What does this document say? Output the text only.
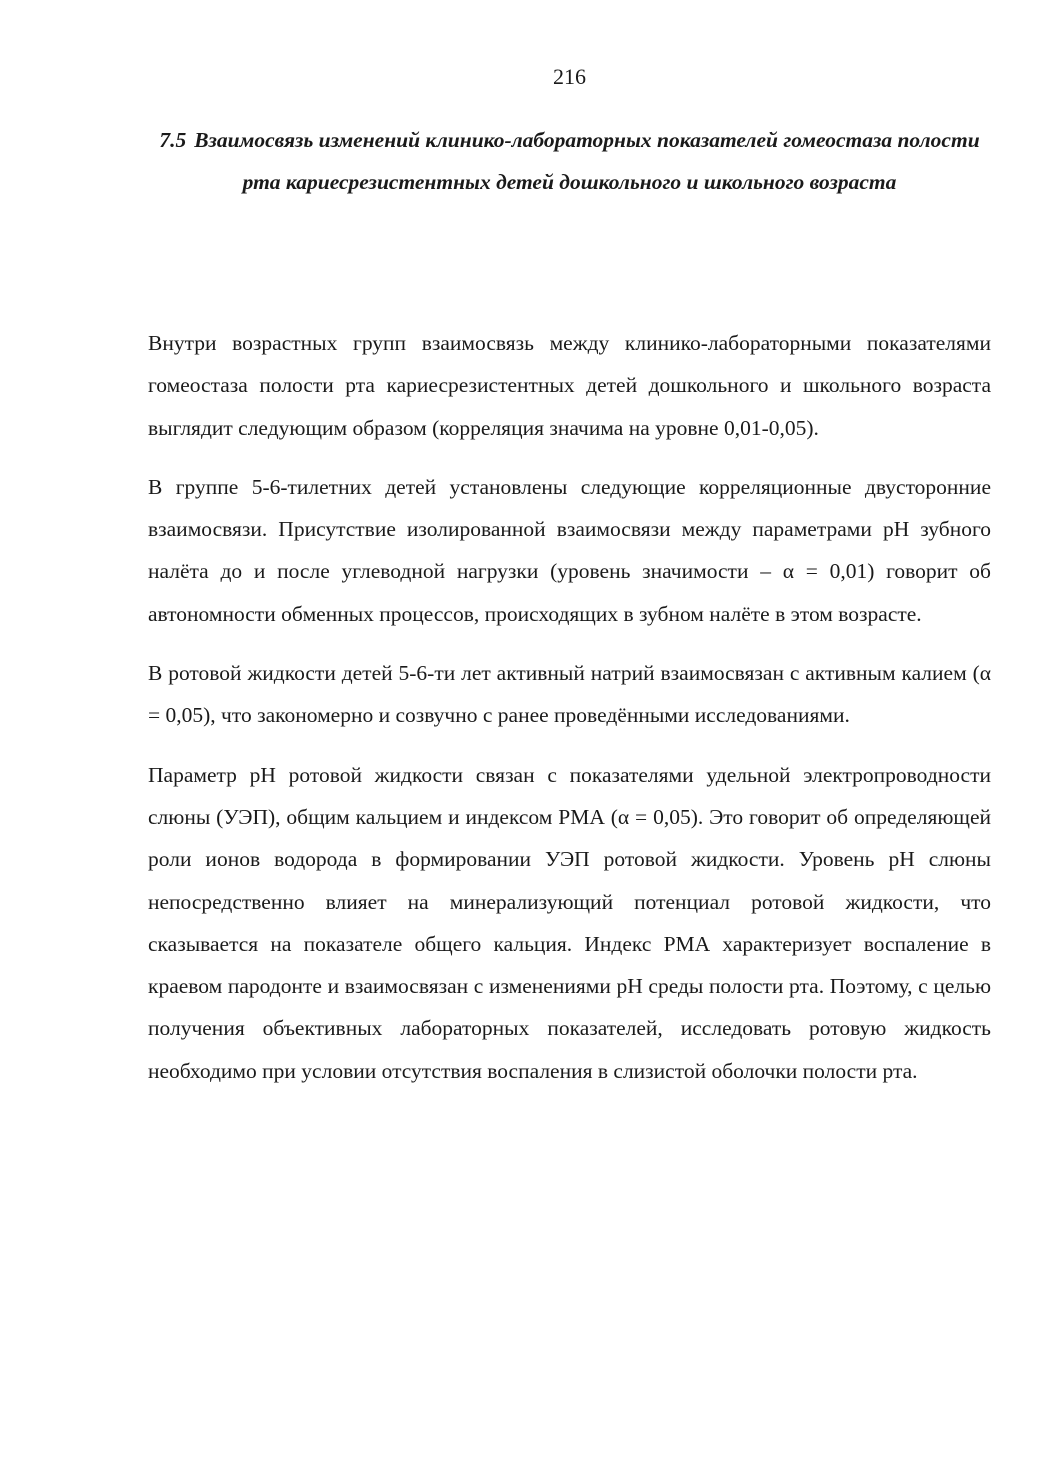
216
7.5 Взаимосвязь изменений клинико-лабораторных показателей гомеостаза полости рта кариесрезистентных детей дошкольного и школьного возраста

Внутри возрастных групп взаимосвязь между клинико-лабораторными показателями гомеостаза полости рта кариесрезистентных детей дошкольного и школьного возраста выглядит следующим образом (корреляция значима на уровне 0,01-0,05).

В группе 5-6-тилетних детей установлены следующие корреляционные двусторонние взаимосвязи. Присутствие изолированной взаимосвязи между параметрами рН зубного налёта до и после углеводной нагрузки (уровень значимости – α = 0,01) говорит об автономности обменных процессов, происходящих в зубном налёте в этом возрасте.

В ротовой жидкости детей 5-6-ти лет активный натрий взаимосвязан с активным калием (α = 0,05), что закономерно и созвучно с ранее проведёнными исследованиями.

Параметр рН ротовой жидкости связан с показателями удельной электропроводности слюны (УЭП), общим кальцием и индексом РМА (α = 0,05). Это говорит об определяющей роли ионов водорода в формировании УЭП ротовой жидкости. Уровень рН слюны непосредственно влияет на минерализующий потенциал ротовой жидкости, что сказывается на показателе общего кальция. Индекс РМА характеризует воспаление в краевом пародонте и взаимосвязан с изменениями рН среды полости рта. Поэтому, с целью получения объективных лабораторных показателей, исследовать ротовую жидкость необходимо при условии отсутствия воспаления в слизистой оболочки полости рта.
